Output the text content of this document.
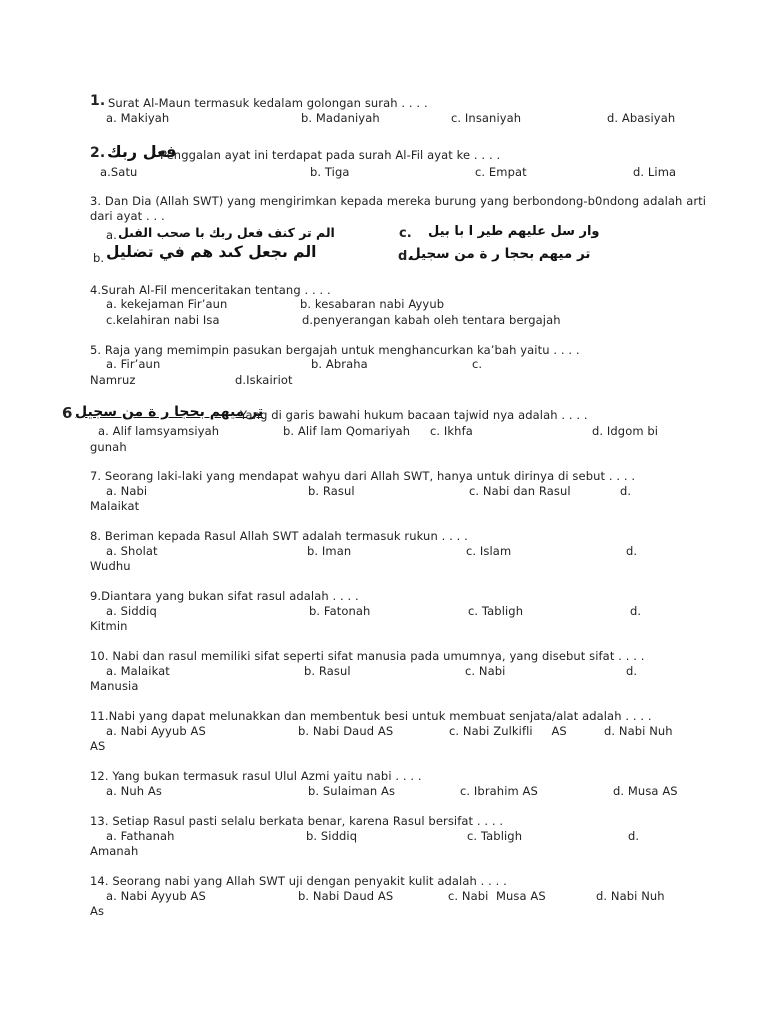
1. Surat Al-Maun termasuk kedalam golongan surah . . . .
a. Makiyah	b. Madaniyah	c. Insaniyah	d. Abasiyah
2. فعل ربك
Penggalan ayat ini terdapat pada surah Al-Fil ayat ke . . . .
a.Satu	b. Tiga	c. Empat	d. Lima
3. Dan Dia (Allah SWT) yang mengirimkan kepada mereka burung yang berbondong-b0ndong adalah arti
dari ayat . . .
a. الم تر كنف فعل ربك با صحب الفىل	c. وار سل عليهم طير ا با بيل
b. الم ىجعل كىد هم في تضليل	d.
تر ميهم بحجا ر ة من سجيل
4.Surah Al-Fil menceritakan tentang . . . .
a. kekejaman Fir’aun	b. kesabaran nabi Ayyub
c.kelahiran nabi Isa	d.penyerangan kabah oleh tentara bergajah
5. Raja yang memimpin pasukan bergajah untuk menghancurkan ka’bah yaitu . . . .
a. Fir’aun	b. Abraha	c.
Namruz	d.Iskairiot
6 تر ميهم بحجا ر ة من سجيل
Yang di garis bawahi hukum bacaan tajwid nya adalah . . . .
a. Alif lamsyamsiyah	b. Alif lam Qomariyah c. Ikhfa	d. Idgom bi
gunah
7. Seorang laki-laki yang mendapat wahyu dari Allah SWT, hanya untuk dirinya di sebut . . . .
a. Nabi	b. Rasul	c. Nabi dan Rasul	d.
Malaikat
8. Beriman kepada Rasul Allah SWT adalah termasuk rukun . . . .
a. Sholat	b. Iman	c. Islam	d.
Wudhu
9.Diantara yang bukan sifat rasul adalah . . . .
a. Siddiq	b. Fatonah	c. Tabligh	d.
Kitmin
10. Nabi dan rasul memiliki sifat seperti sifat manusia pada umumnya, yang disebut sifat . . . .
a. Malaikat	b. Rasul	c. Nabi	d.
Manusia
11.Nabi yang dapat melunakkan dan membentuk besi untuk membuat senjata/alat adalah . . . .
a. Nabi Ayyub AS	b. Nabi Daud AS	c. Nabi Zulkifli     AS	d. Nabi Nuh
AS
12. Yang bukan termasuk rasul Ulul Azmi yaitu nabi . . . .
a. Nuh As	b. Sulaiman As	c. Ibrahim AS	d. Musa AS
13. Setiap Rasul pasti selalu berkata benar, karena Rasul bersifat . . . .
a. Fathanah	b. Siddiq	c. Tabligh	d.
Amanah
14. Seorang nabi yang Allah SWT uji dengan penyakit kulit adalah . . . .
a. Nabi Ayyub AS	b. Nabi Daud AS	c. Nabi  Musa AS	d. Nabi Nuh
As
